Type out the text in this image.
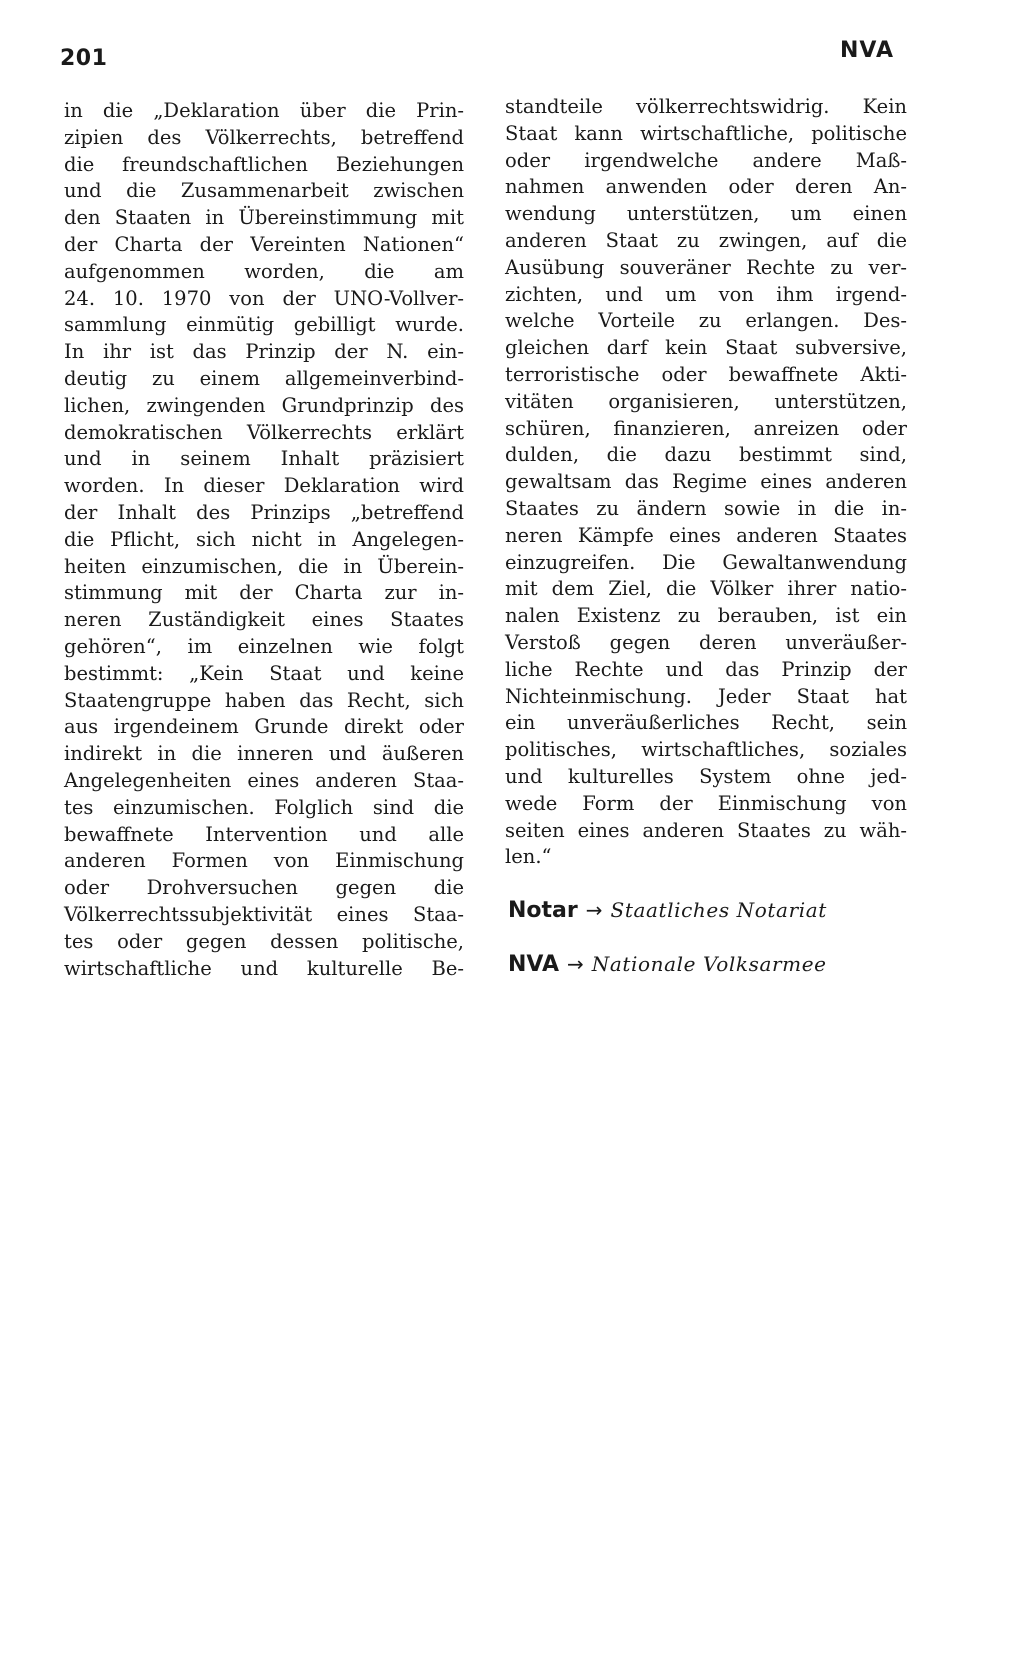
201	NVA
in die „Deklaration über die Prin-
zipien des Völkerrechts, betreffend
die freundschaftlichen Beziehungen
und die Zusammenarbeit zwischen
den Staaten in Übereinstimmung mit
der Charta der Vereinten Nationen“
aufgenommen worden, die am
24. 10. 1970 von der UNO-Vollver-
sammlung einmütig gebilligt wurde.
In ihr ist das Prinzip der N. ein-
deutig zu einem allgemeinverbind-
lichen, zwingenden Grundprinzip des
demokratischen Völkerrechts erklärt
und in seinem Inhalt präzisiert
worden. In dieser Deklaration wird
der Inhalt des Prinzips „betreffend
die Pflicht, sich nicht in Angelegen-
heiten einzumischen, die in Überein-
stimmung mit der Charta zur in-
neren Zuständigkeit eines Staates
gehören“, im einzelnen wie folgt
bestimmt: „Kein Staat und keine
Staatengruppe haben das Recht, sich
aus irgendeinem Grunde direkt oder
indirekt in die inneren und äußeren
Angelegenheiten eines anderen Staa-
tes einzumischen. Folglich sind die
bewaffnete Intervention und alle
anderen Formen von Einmischung
oder Drohversuchen gegen die
Völkerrechtssubjektivität eines Staa-
tes oder gegen dessen politische,
wirtschaftliche und kulturelle Be-
standteile völkerrechtswidrig. Kein
Staat kann wirtschaftliche, politische
oder irgendwelche andere Maß-
nahmen anwenden oder deren An-
wendung unterstützen, um einen
anderen Staat zu zwingen, auf die
Ausübung souveräner Rechte zu ver-
zichten, und um von ihm irgend-
welche Vorteile zu erlangen. Des-
gleichen darf kein Staat subversive,
terroristische oder bewaffnete Akti-
vitäten organisieren, unterstützen,
schüren, finanzieren, anreizen oder
dulden, die dazu bestimmt sind,
gewaltsam das Regime eines anderen
Staates zu ändern sowie in die in-
neren Kämpfe eines anderen Staates
einzugreifen. Die Gewaltanwendung
mit dem Ziel, die Völker ihrer natio-
nalen Existenz zu berauben, ist ein
Verstoß gegen deren unveräußer-
liche Rechte und das Prinzip der
Nichteinmischung. Jeder Staat hat
ein unveräußerliches Recht, sein
politisches, wirtschaftliches, soziales
und kulturelles System ohne jed-
wede Form der Einmischung von
seiten eines anderen Staates zu wäh-
len.“
Notar → Staatliches Notariat
NVA → Nationale Volksarmee
